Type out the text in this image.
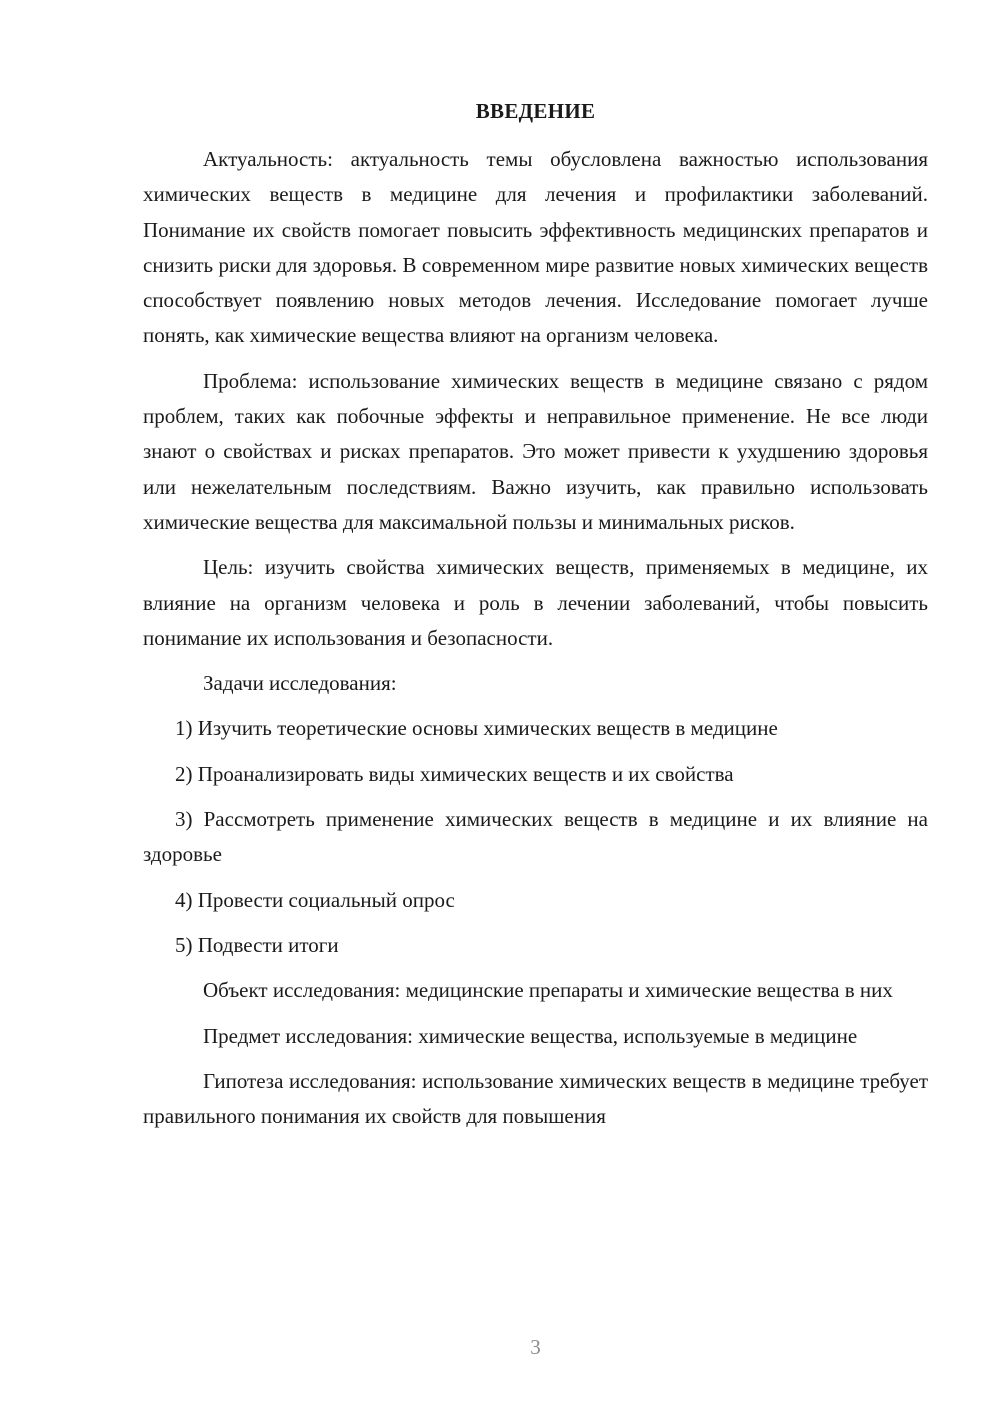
ВВЕДЕНИЕ

Актуальность: актуальность темы обусловлена важностью использования химических веществ в медицине для лечения и профилактики заболеваний. Понимание их свойств помогает повысить эффективность медицинских препаратов и снизить риски для здоровья. В современном мире развитие новых химических веществ способствует появлению новых методов лечения. Исследование помогает лучше понять, как химические вещества влияют на организм человека.

Проблема: использование химических веществ в медицине связано с рядом проблем, таких как побочные эффекты и неправильное применение. Не все люди знают о свойствах и рисках препаратов. Это может привести к ухудшению здоровья или нежелательным последствиям. Важно изучить, как правильно использовать химические вещества для максимальной пользы и минимальных рисков.

Цель: изучить свойства химических веществ, применяемых в медицине, их влияние на организм человека и роль в лечении заболеваний, чтобы повысить понимание их использования и безопасности.

Задачи исследования:

1) Изучить теоретические основы химических веществ в медицине

2) Проанализировать виды химических веществ и их свойства

3) Рассмотреть применение химических веществ в медицине и их влияние на здоровье

4) Провести социальный опрос

5) Подвести итоги

Объект исследования: медицинские препараты и химические вещества в них

Предмет исследования: химические вещества, используемые в медицине

Гипотеза исследования: использование химических веществ в медицине требует правильного понимания их свойств для повышения

3
